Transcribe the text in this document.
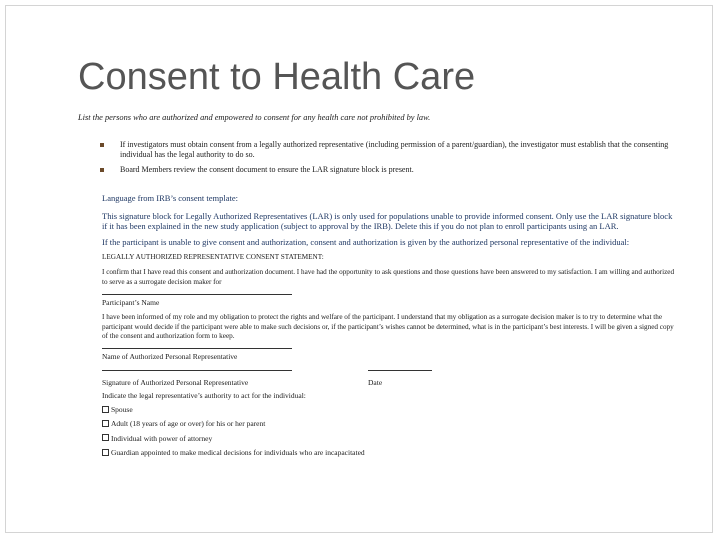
Consent to Health Care
List the persons who are authorized and empowered to consent for any health care not prohibited by law.
If investigators must obtain consent from a legally authorized representative (including permission of a parent/guardian), the investigator must establish that the consenting individual has the legal authority to do so.
Board Members review the consent document to ensure the LAR signature block is present.

Language from IRB’s consent template:

This signature block for Legally Authorized Representatives (LAR) is only used for populations unable to provide informed consent. Only use the LAR signature block if it has been explained in the new study application (subject to approval by the IRB). Delete this if you do not plan to enroll participants using an LAR.

If the participant is unable to give consent and authorization, consent and authorization is given by the authorized personal representative of the individual:

LEGALLY AUTHORIZED REPRESENTATIVE CONSENT STATEMENT:

I confirm that I have read this consent and authorization document. I have had the opportunity to ask questions and those questions have been answered to my satisfaction. I am willing and authorized to serve as a surrogate decision maker for

Participant’s Name

I have been informed of my role and my obligation to protect the rights and welfare of the participant. I understand that my obligation as a surrogate decision maker is to try to determine what the participant would decide if the participant were able to make such decisions or, if the participant’s wishes cannot be determined, what is in the participant’s best interests. I will be given a signed copy of the consent and authorization form to keep.

Name of Authorized Personal Representative

Signature of Authorized Personal Representative	Date

Indicate the legal representative’s authority to act for the individual:

Spouse

Adult (18 years of age or over) for his or her parent

Individual with power of attorney

Guardian appointed to make medical decisions for individuals who are incapacitated
